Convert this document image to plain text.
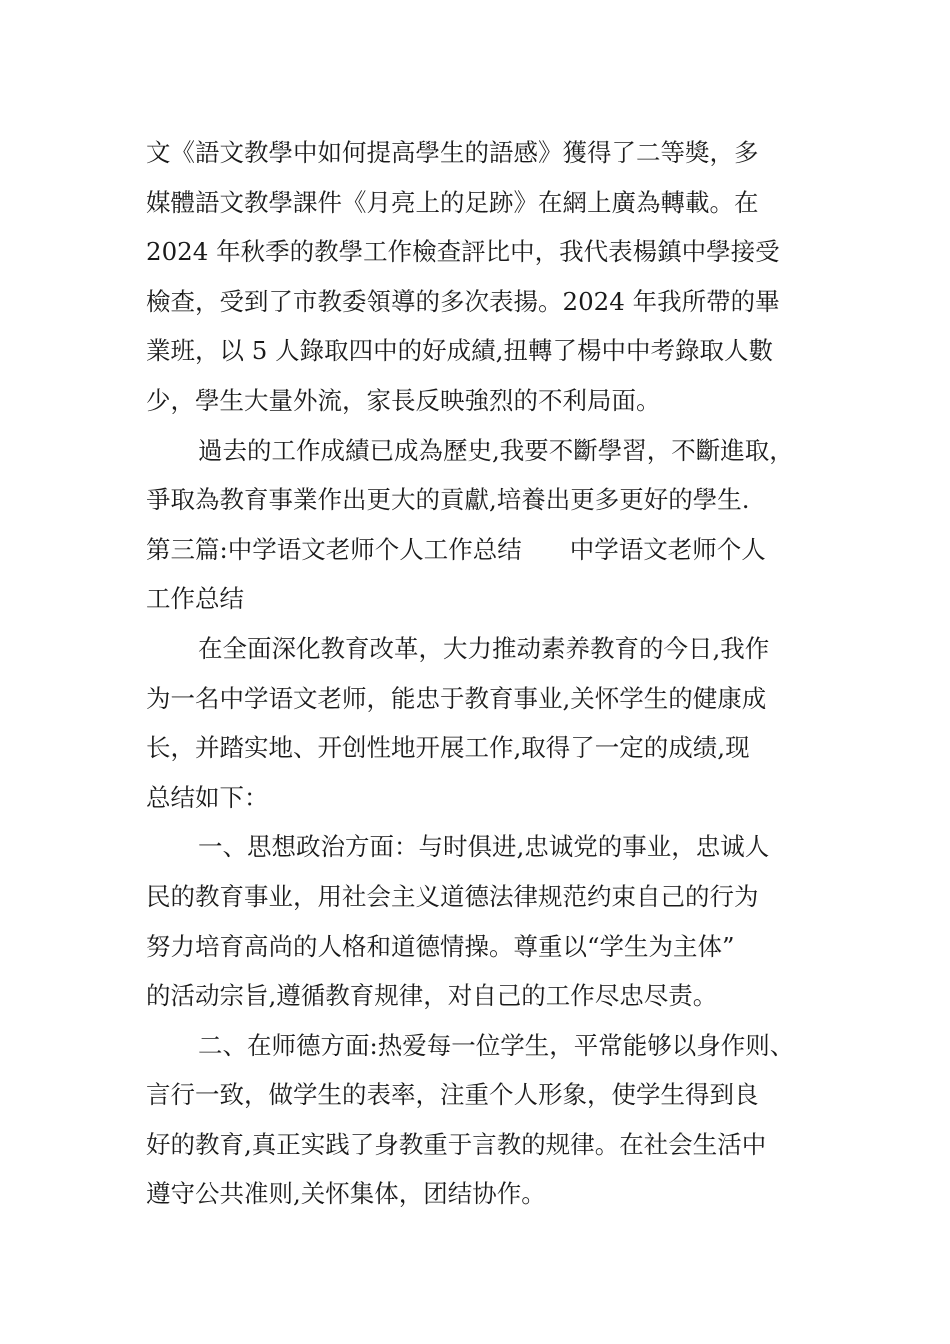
文《語文教學中如何提高學生的語感》獲得了二等獎，多
媒體語文教學課件《月亮上的足跡》在網上廣為轉載。在
2024 年秋季的教學工作檢查評比中，我代表楊鎮中學接受
檢查，受到了市教委領導的多次表揚。2024 年我所帶的畢
業班，以 5 人錄取四中的好成績,扭轉了楊中中考錄取人數
少，學生大量外流，家長反映強烈的不利局面。
過去的工作成績已成為歷史,我要不斷學習，不斷進取，
爭取為教育事業作出更大的貢獻,培養出更多更好的學生.
第三篇:中学语文老师个人工作总结 中学语文老师个人
工作总结
在全面深化教育改革，大力推动素养教育的今日,我作
为一名中学语文老师，能忠于教育事业,关怀学生的健康成
长，并踏实地、开创性地开展工作,取得了一定的成绩,现
总结如下：
一、思想政治方面：与时俱进,忠诚党的事业，忠诚人
民的教育事业，用社会主义道德法律规范约束自己的行为
努力培育高尚的人格和道德情操。尊重以“学生为主体”
的活动宗旨,遵循教育规律，对自己的工作尽忠尽责。
二、在师德方面:热爱每一位学生，平常能够以身作则、
言行一致，做学生的表率，注重个人形象，使学生得到良
好的教育,真正实践了身教重于言教的规律。在社会生活中
遵守公共准则,关怀集体，团结协作。
